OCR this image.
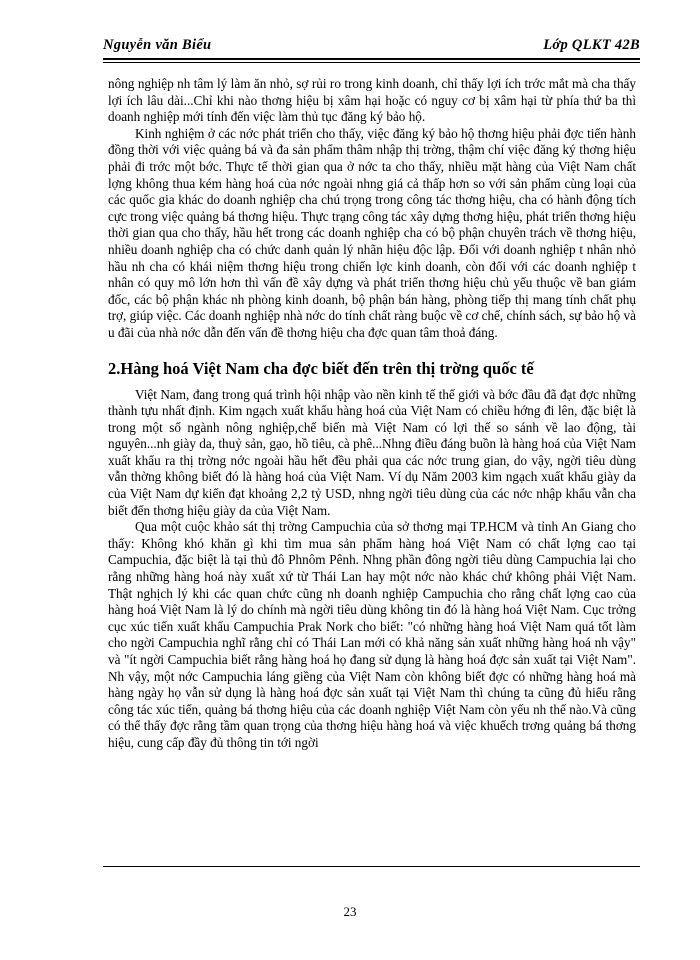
Nguyễn văn Biểu	Lớp QLKT 42B

nông nghiệp nh tâm lý làm ăn nhỏ, sợ rủi ro trong kinh doanh, chỉ thấy lợi ích trớc mắt mà cha thấy lợi ích lâu dài...Chỉ khi nào thơng hiệu bị xâm hại hoặc có nguy cơ bị xâm hại từ phía thứ ba thì doanh nghiệp mới tính đến việc làm thủ tục đăng ký bảo hộ.

Kinh nghiệm ở các nớc phát triển cho thấy, việc đăng ký bảo hộ thơng hiệu phải đợc tiến hành đồng thời với việc quảng bá và đa sản phẩm thâm nhập thị trờng, thậm chí việc đăng ký thơng hiệu phải đi trớc một bớc. Thực tế thời gian qua ở nớc ta cho thấy, nhiều mặt hàng của Việt Nam chất lợng không thua kém hàng hoá của nớc ngoài nhng giá cả thấp hơn so với sản phẩm cùng loại của các quốc gia khác do doanh nghiệp cha chú trọng trong công tác thơng hiệu, cha có hành động tích cực trong việc quảng bá thơng hiệu. Thực trạng công tác xây dựng thơng hiệu, phát triển thơng hiệu thời gian qua cho thấy, hầu hết trong các doanh nghiệp cha có bộ phận chuyên trách về thơng hiệu, nhiều doanh nghiệp cha có chức danh quản lý nhãn hiệu độc lập. Đối với doanh nghiệp t nhân nhỏ hầu nh cha có khái niệm thơng hiệu trong chiến lợc kinh doanh, còn đối với các doanh nghiệp t nhân có quy mô lớn hơn thì vấn đề xây dựng và phát triển thơng hiệu chủ yếu thuộc về ban giám đốc, các bộ phận khác nh phòng kinh doanh, bộ phận bán hàng, phòng tiếp thị mang tính chất phụ trợ, giúp việc. Các doanh nghiệp nhà nớc do tính chất ràng buộc về cơ chế, chính sách, sự bảo hộ và u đãi của nhà nớc dẫn đến vấn đề thơng hiệu cha đợc quan tâm thoả đáng.

2.Hàng hoá Việt Nam cha đợc biết đến trên thị trờng quốc tế

Việt Nam, đang trong quá trình hội nhập vào nền kinh tế thế giới và bớc đầu đã đạt đợc những thành tựu nhất định. Kim ngạch xuất khẩu hàng hoá của Việt Nam có chiều hớng đi lên, đặc biệt là trong một số ngành nông nghiệp,chế biến mà Việt Nam có lợi thế so sánh về lao động, tài nguyên...nh giày da, thuỷ sản, gạo, hồ tiêu, cà phê...Nhng điều đáng buồn là hàng hoá của Việt Nam xuất khẩu ra thị trờng nớc ngoài hầu hết đều phải qua các nớc trung gian, do vậy, ngời tiêu dùng vẫn thờng không biết đó là hàng hoá của Việt Nam. Ví dụ Năm 2003 kim ngạch xuất khẩu giày da của Việt Nam dự kiến đạt khoảng 2,2 tỷ USD, nhng ngời tiêu dùng của các nớc nhập khẩu vẫn cha biết đến thơng hiệu giày da của Việt Nam.

Qua một cuộc khảo sát thị trờng Campuchia của sở thơng mại TP.HCM và tỉnh An Giang cho thấy: Không khó khăn gì khi tìm mua sản phẩm hàng hoá Việt Nam có chất lợng cao tại Campuchia, đặc biệt là tại thủ đô Phnôm Pênh. Nhng phần đông ngời tiêu dùng Campuchia lại cho rằng những hàng hoá này xuất xứ từ Thái Lan hay một nớc nào khác chứ không phải Việt Nam. Thật nghịch lý khi các quan chức cũng nh doanh nghiệp Campuchia cho rằng chất lợng cao của hàng hoá Việt Nam là lý do chính mà ngời tiêu dùng không tin đó là hàng hoá Việt Nam. Cục trởng cục xúc tiến xuất khẩu Campuchia Prak Nork cho biết: "có những hàng hoá Việt Nam quá tốt làm cho ngời Campuchia nghĩ rằng chỉ có Thái Lan mới có khả năng sản xuất những hàng hoá nh vậy" và "ít ngời Campuchia biết rằng hàng hoá họ đang sử dụng là hàng hoá đợc sản xuất tại Việt Nam". Nh vậy, một nớc Campuchia láng giềng của Việt Nam còn không biết đợc có những hàng hoá mà hàng ngày họ vẫn sử dụng là hàng hoá đợc sản xuất tại Việt Nam thì chúng ta cũng đủ hiểu rằng công tác xúc tiến, quảng bá thơng hiệu của các doanh nghiệp Việt Nam còn yếu nh thế nào.Và cũng có thể thấy đợc rằng tầm quan trọng của thơng hiệu hàng hoá và việc khuếch trơng quảng bá thơng hiệu, cung cấp đầy đủ thông tin tới ngời

23
